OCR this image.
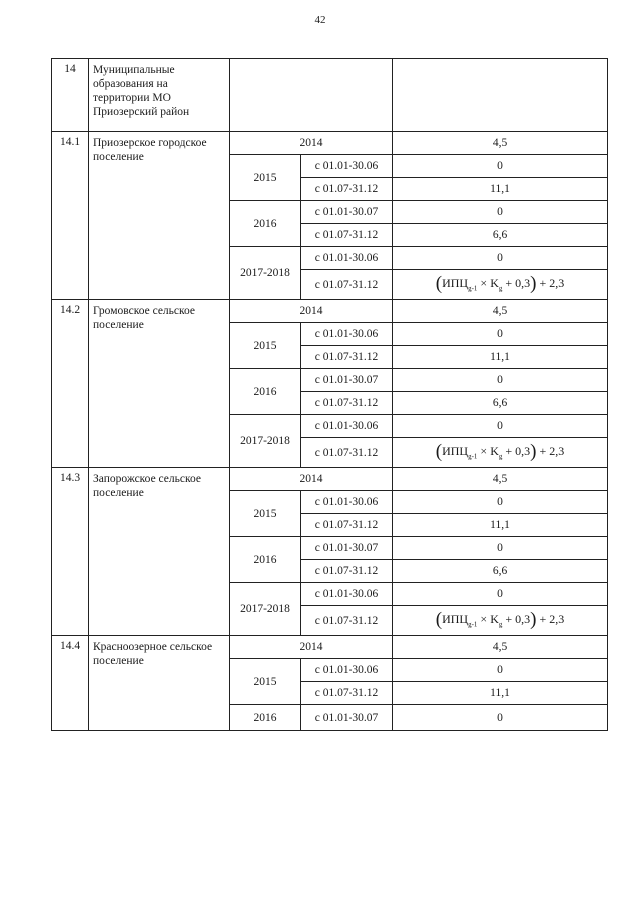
42
14	Муниципальные образования на территории МО Приозерский район			
14.1	Приозерское городское поселение	2014		4,5
		2015	с 01.01-30.06	0
			с 01.07-31.12	11,1
		2016	с 01.01-30.07	0
			с 01.07-31.12	6,6
		2017-2018	с 01.01-30.06	0
			с 01.07-31.12	$(ИПЦ_{g-1} \times K_g + 0,3) + 2,3$
14.2	Громовское сельское поселение	2014		4,5
		2015	с 01.01-30.06	0
			с 01.07-31.12	11,1
		2016	с 01.01-30.07	0
			с 01.07-31.12	6,6
		2017-2018	с 01.01-30.06	0
			с 01.07-31.12	$(ИПЦ_{g-1} \times K_g + 0,3) + 2,3$
14.3	Запорожское сельское поселение	2014		4,5
		2015	с 01.01-30.06	0
			с 01.07-31.12	11,1
		2016	с 01.01-30.07	0
			с 01.07-31.12	6,6
		2017-2018	с 01.01-30.06	0
			с 01.07-31.12	$(ИПЦ_{g-1} \times K_g + 0,3) + 2,3$
14.4	Красноозерное сельское поселение	2014		4,5
		2015	с 01.01-30.06	0
			с 01.07-31.12	11,1
		2016	с 01.01-30.07	0
